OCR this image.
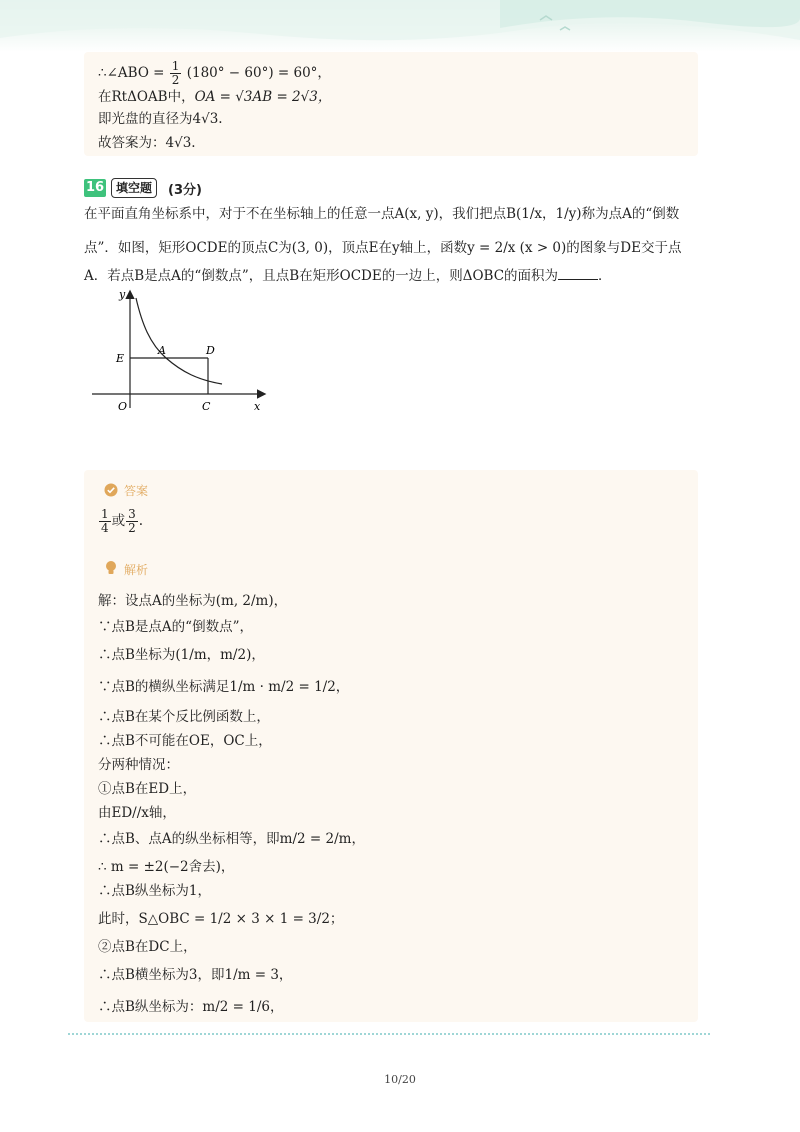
∴∠ABO = $\frac{1}{2} (180^\circ - 60^\circ) = 60^\circ$，
在RtΔOAB中，OA = √3AB = 2√3，
即光盘的直径为4√3.
故答案为：4√3.
16 填空题	(3分)
在平面直角坐标系中，对于不在坐标轴上的任意一点A(x, y)，我们把点B(1/x，1/y)称为点A的“倒数
点”．如图，矩形OCDE的顶点C为(3, 0)，顶点E在y轴上，函数y = 2/x (x > 0)的图象与DE交于点
A．若点B是点A的“倒数点”，且点B在矩形OCDE的一边上，则ΔOBC的面积为	．
y
x
O	C
E
A	D
答案
$\frac{1}{4}$ 或 $\frac{3}{2}$ .
解析
解：设点A的坐标为(m, 2/m)，
∵点B是点A的“倒数点”，
∴点B坐标为(1/m，m/2)，
∵点B的横纵坐标满足1/m · m/2 = 1/2，
∴点B在某个反比例函数上，
∴点B不可能在OE，OC上，
分两种情况：
①点B在ED上，
由ED//x轴，
∴点B、点A的纵坐标相等，即m/2 = 2/m，
∴ m = ±2(−2舍去)，
∴点B纵坐标为1，
此时，S△OBC = 1/2 × 3 × 1 = 3/2；
②点B在DC上，
∴点B横坐标为3，即1/m = 3，
∴点B纵坐标为：m/2 = 1/6，
10/20
